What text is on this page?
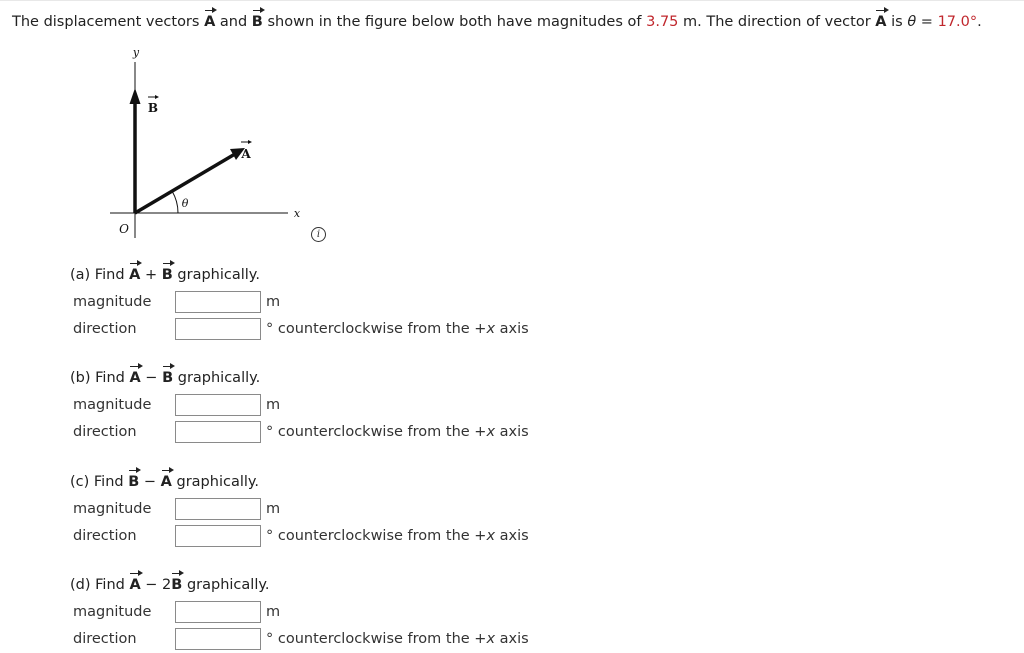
The displacement vectors A and B shown in the figure below both have magnitudes of 3.75 m. The direction of vector A is θ = 17.0°.
y
x
O
θ
B
A
i
(a) Find A + B graphically.
magnitude	m
direction	° counterclockwise from the +x axis
(b) Find A − B graphically.
magnitude	m
direction	° counterclockwise from the +x axis
(c) Find B − A graphically.
magnitude	m
direction	° counterclockwise from the +x axis
(d) Find A − 2B graphically.
magnitude	m
direction	° counterclockwise from the +x axis
